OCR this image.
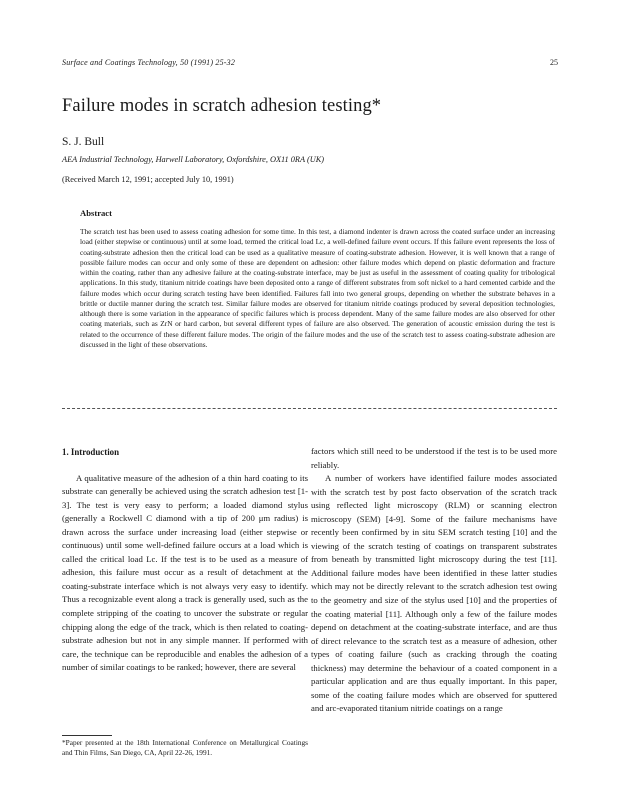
Surface and Coatings Technology, 50 (1991) 25-32	25
Failure modes in scratch adhesion testing*
S. J. Bull
AEA Industrial Technology, Harwell Laboratory, Oxfordshire, OX11 0RA (UK)
(Received March 12, 1991; accepted July 10, 1991)
Abstract

The scratch test has been used to assess coating adhesion for some time. In this test, a diamond indenter is drawn across the coated surface under an increasing load (either stepwise or continuous) until at some load, termed the critical load Lc, a well-defined failure event occurs. If this failure event represents the loss of coating-substrate adhesion then the critical load can be used as a qualitative measure of coating-substrate adhesion. However, it is well known that a range of possible failure modes can occur and only some of these are dependent on adhesion: other failure modes which depend on plastic deformation and fracture within the coating, rather than any adhesive failure at the coating-substrate interface, may be just as useful in the assessment of coating quality for tribological applications. In this study, titanium nitride coatings have been deposited onto a range of different substrates from soft nickel to a hard cemented carbide and the failure modes which occur during scratch testing have been identified. Failures fall into two general groups, depending on whether the substrate behaves in a brittle or ductile manner during the scratch test. Similar failure modes are observed for titanium nitride coatings produced by several deposition technologies, although there is some variation in the appearance of specific failures which is process dependent. Many of the same failure modes are also observed for other coating materials, such as ZrN or hard carbon, but several different types of failure are also observed. The generation of acoustic emission during the test is related to the occurrence of these different failure modes. The origin of the failure modes and the use of the scratch test to assess coating-substrate adhesion are discussed in the light of these observations.

1. Introduction

A qualitative measure of the adhesion of a thin hard coating to its substrate can generally be achieved using the scratch adhesion test [1-3]. The test is very easy to perform; a loaded diamond stylus (generally a Rockwell C diamond with a tip of 200 μm radius) is drawn across the surface under increasing load (either stepwise or continuous) until some well-defined failure occurs at a load which is called the critical load Lc. If the test is to be used as a measure of adhesion, this failure must occur as a result of detachment at the coating-substrate interface which is not always very easy to identify. Thus a recognizable event along a track is generally used, such as the complete stripping of the coating to uncover the substrate or regular chipping along the edge of the track, which is then related to coating-substrate adhesion but not in any simple manner. If performed with care, the technique can be reproducible and enables the adhesion of a number of similar coatings to be ranked; however, there are several

factors which still need to be understood if the test is to be used more reliably.

A number of workers have identified failure modes associated with the scratch test by post facto observation of the scratch track using reflected light microscopy (RLM) or scanning electron microscopy (SEM) [4-9]. Some of the failure mechanisms have recently been confirmed by in situ SEM scratch testing [10] and the viewing of the scratch testing of coatings on transparent substrates from beneath by transmitted light microscopy during the test [11]. Additional failure modes have been identified in these latter studies which may not be directly relevant to the scratch adhesion test owing to the geometry and size of the stylus used [10] and the properties of the coating material [11]. Although only a few of the failure modes depend on detachment at the coating-substrate interface, and are thus of direct relevance to the scratch test as a measure of adhesion, other types of coating failure (such as cracking through the coating thickness) may determine the behaviour of a coated component in a particular application and are thus equally important. In this paper, some of the coating failure modes which are observed for sputtered and arc-evaporated titanium nitride coatings on a range

*Paper presented at the 18th International Conference on Metallurgical Coatings and Thin Films, San Diego, CA, April 22-26, 1991.
